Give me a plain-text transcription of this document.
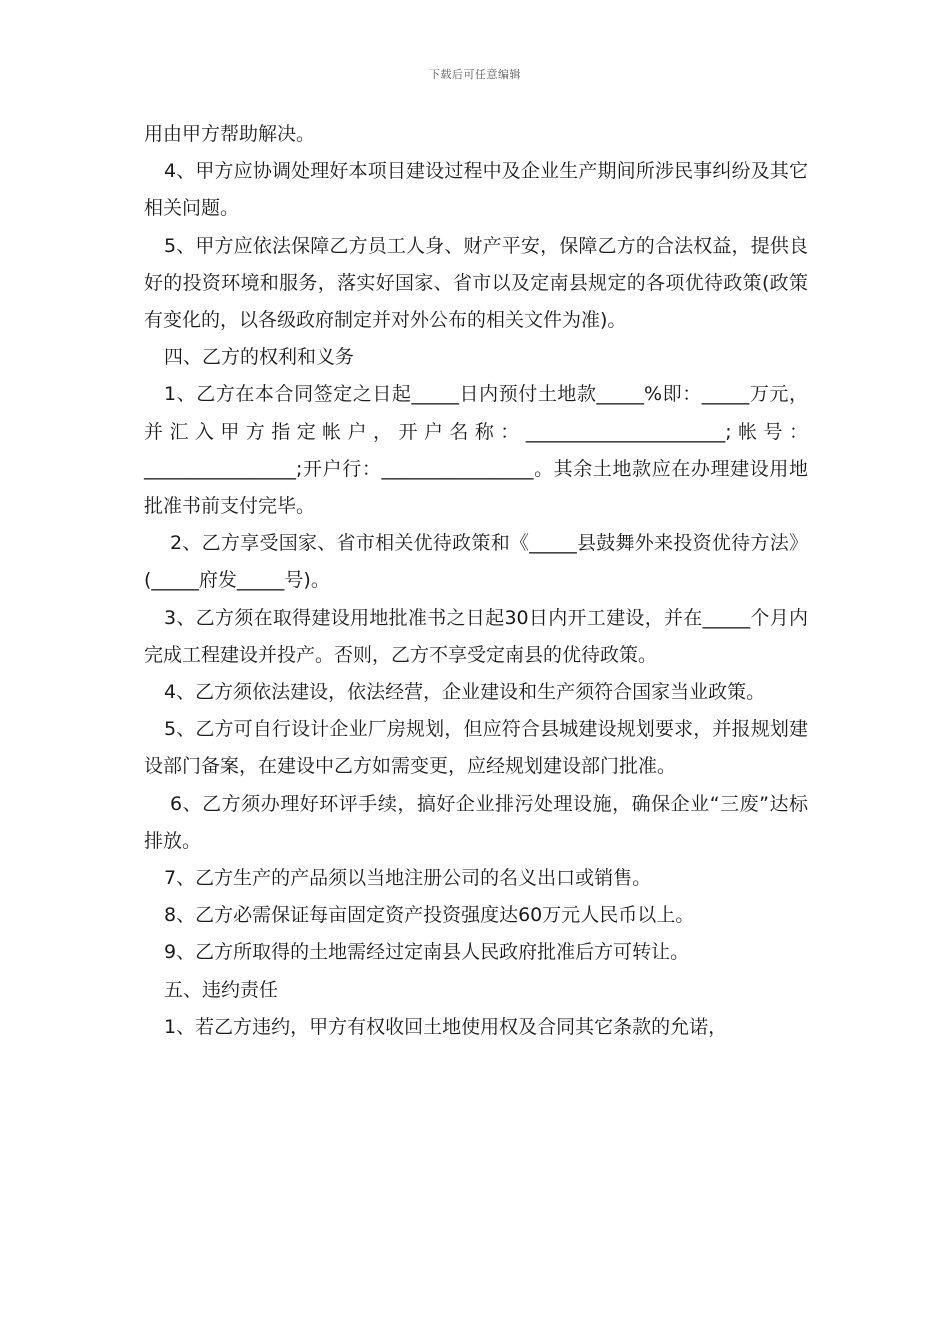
下载后可任意编辑

用由甲方帮助解决。

4、甲方应协调处理好本项目建设过程中及企业生产期间所涉民事纠纷及其它相关问题。

5、甲方应依法保障乙方员工人身、财产平安，保障乙方的合法权益，提供良好的投资环境和服务，落实好国家、省市以及定南县规定的各项优待政策(政策有变化的，以各级政府制定并对外公布的相关文件为准)。

四、乙方的权利和义务

1、乙方在本合同签定之日起_____日内预付土地款_____%即：_____万元，并汇入甲方指定帐户，开户名称：_____________________;帐号：________________;开户行：________________。其余土地款应在办理建设用地批准书前支付完毕。

2、乙方享受国家、省市相关优待政策和《_____县鼓舞外来投资优待方法》(_____府发_____号)。

3、乙方须在取得建设用地批准书之日起30日内开工建设，并在_____个月内完成工程建设并投产。否则，乙方不享受定南县的优待政策。

4、乙方须依法建设，依法经营，企业建设和生产须符合国家当业政策。

5、乙方可自行设计企业厂房规划，但应符合县城建设规划要求，并报规划建设部门备案，在建设中乙方如需变更，应经规划建设部门批准。

6、乙方须办理好环评手续，搞好企业排污处理设施，确保企业“三废”达标排放。

7、乙方生产的产品须以当地注册公司的名义出口或销售。

8、乙方必需保证每亩固定资产投资强度达60万元人民币以上。

9、乙方所取得的土地需经过定南县人民政府批准后方可转让。

五、违约责任

1、若乙方违约，甲方有权收回土地使用权及合同其它条款的允诺，
